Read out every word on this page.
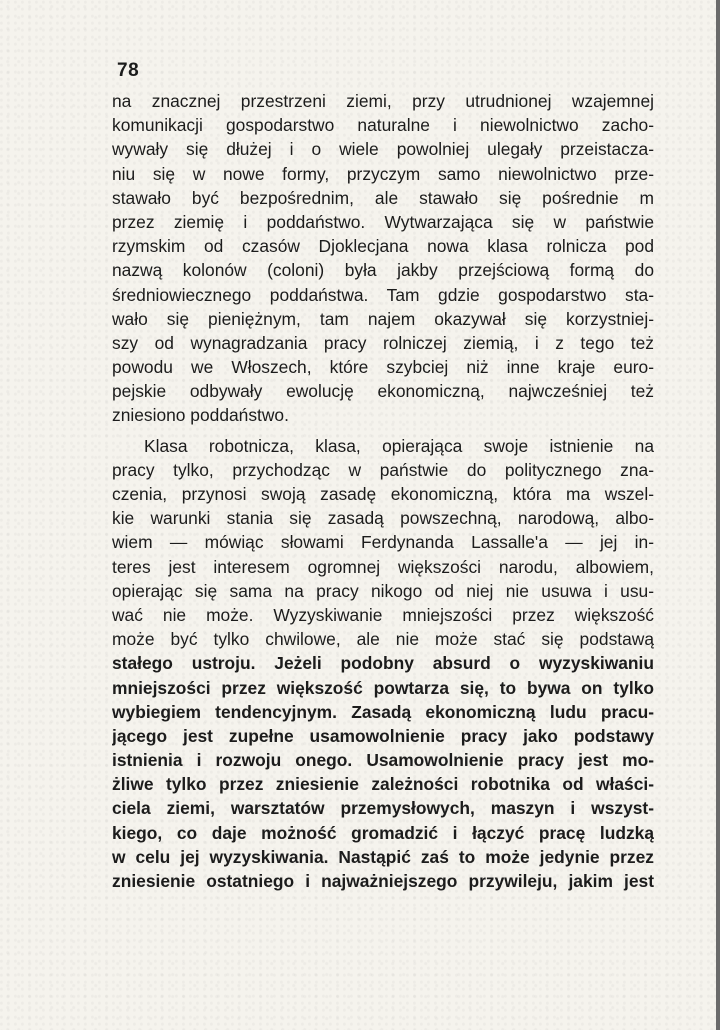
78
na znacznej przestrzeni ziemi, przy utrudnionej wzajemnej
komunikacji gospodarstwo naturalne i niewolnictwo zacho-
wywały się dłużej i o wiele powolniej ulegały przeistacza-
niu się w nowe formy, przyczym samo niewolnictwo prze-
stawało być bezpośrednim, ale stawało się pośrednie m
przez ziemię i poddaństwo. Wytwarzająca się w państwie
rzymskim od czasów Djoklecjana nowa klasa rolnicza pod
nazwą kolonów (coloni) była jakby przejściową formą do
średniowiecznego poddaństwa. Tam gdzie gospodarstwo sta-
wało się pieniężnym, tam najem okazywał się korzystniej-
szy od wynagradzania pracy rolniczej ziemią, i z tego też
powodu we Włoszech, które szybciej niż inne kraje euro-
pejskie odbywały ewolucję ekonomiczną, najwcześniej też
zniesiono poddaństwo.
Klasa robotnicza, klasa, opierająca swoje istnienie na
pracy tylko, przychodząc w państwie do politycznego zna-
czenia, przynosi swoją zasadę ekonomiczną, która ma wszel-
kie warunki stania się zasadą powszechną, narodową, albo-
wiem — mówiąc słowami Ferdynanda Lassalle'a — jej in-
teres jest interesem ogromnej większości narodu, albowiem,
opierając się sama na pracy nikogo od niej nie usuwa i usu-
wać nie może. Wyzyskiwanie mniejszości przez większość
może być tylko chwilowe, ale nie może stać się podstawą
stałego ustroju. Jeżeli podobny absurd o wyzyskiwaniu
mniejszości przez większość powtarza się, to bywa on tylko
wybiegiem tendencyjnym. Zasadą ekonomiczną ludu pracu-
jącego jest zupełne usamowolnienie pracy jako podstawy
istnienia i rozwoju onego. Usamowolnienie pracy jest mo-
żliwe tylko przez zniesienie zależności robotnika od właści-
ciela ziemi, warsztatów przemysłowych, maszyn i wszyst-
kiego, co daje możność gromadzić i łączyć pracę ludzką
w celu jej wyzyskiwania. Nastąpić zaś to może jedynie przez
zniesienie ostatniego i najważniejszego przywileju, jakim jest
